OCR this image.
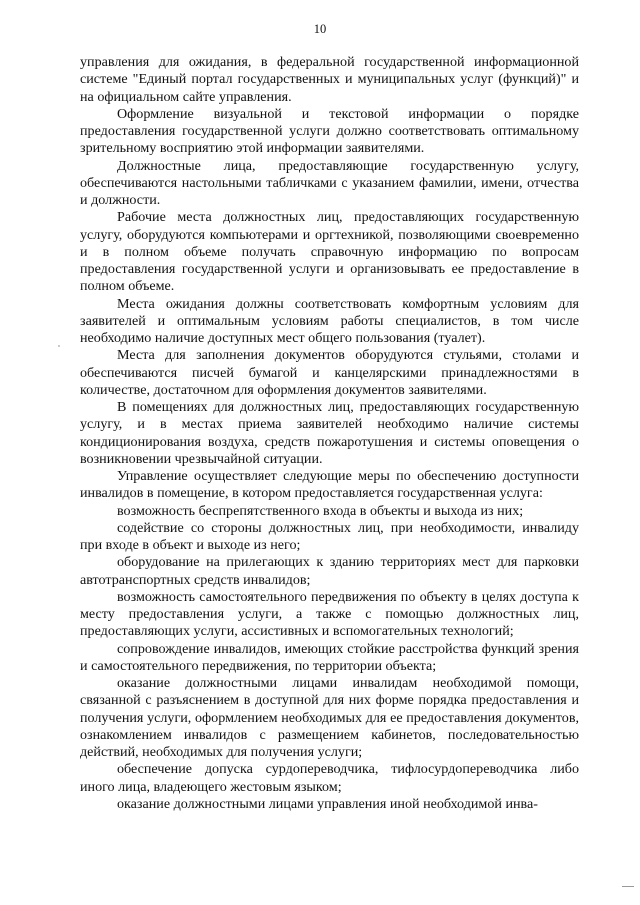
10

управления для ожидания, в федеральной государственной информационной системе "Единый портал государственных и муниципальных услуг (функций)" и на официальном сайте управления.

Оформление визуальной и текстовой информации о порядке предоставления государственной услуги должно соответствовать оптимальному зрительному восприятию этой информации заявителями.

Должностные лица, предоставляющие государственную услугу, обеспечиваются настольными табличками с указанием фамилии, имени, отчества и должности.

Рабочие места должностных лиц, предоставляющих государственную услугу, оборудуются компьютерами и оргтехникой, позволяющими своевременно и в полном объеме получать справочную информацию по вопросам предоставления государственной услуги и организовывать ее предоставление в полном объеме.

Места ожидания должны соответствовать комфортным условиям для заявителей и оптимальным условиям работы специалистов, в том числе необходимо наличие доступных мест общего пользования (туалет).

Места для заполнения документов оборудуются стульями, столами и обеспечиваются писчей бумагой и канцелярскими принадлежностями в количестве, достаточном для оформления документов заявителями.

В помещениях для должностных лиц, предоставляющих государственную услугу, и в местах приема заявителей необходимо наличие системы кондиционирования воздуха, средств пожаротушения и системы оповещения о возникновении чрезвычайной ситуации.

Управление осуществляет следующие меры по обеспечению доступности инвалидов в помещение, в котором предоставляется государственная услуга:

возможность беспрепятственного входа в объекты и выхода из них;

содействие со стороны должностных лиц, при необходимости, инвалиду при входе в объект и выходе из него;

оборудование на прилегающих к зданию территориях мест для парковки автотранспортных средств инвалидов;

возможность самостоятельного передвижения по объекту в целях доступа к месту предоставления услуги, а также с помощью должностных лиц, предоставляющих услуги, ассистивных и вспомогательных технологий;

сопровождение инвалидов, имеющих стойкие расстройства функций зрения и самостоятельного передвижения, по территории объекта;

оказание должностными лицами инвалидам необходимой помощи, связанной с разъяснением в доступной для них форме порядка предоставления и получения услуги, оформлением необходимых для ее предоставления документов, ознакомлением инвалидов с размещением кабинетов, последовательностью действий, необходимых для получения услуги;

обеспечение допуска сурдопереводчика, тифлосурдопереводчика либо иного лица, владеющего жестовым языком;

оказание должностными лицами управления иной необходимой инва-
